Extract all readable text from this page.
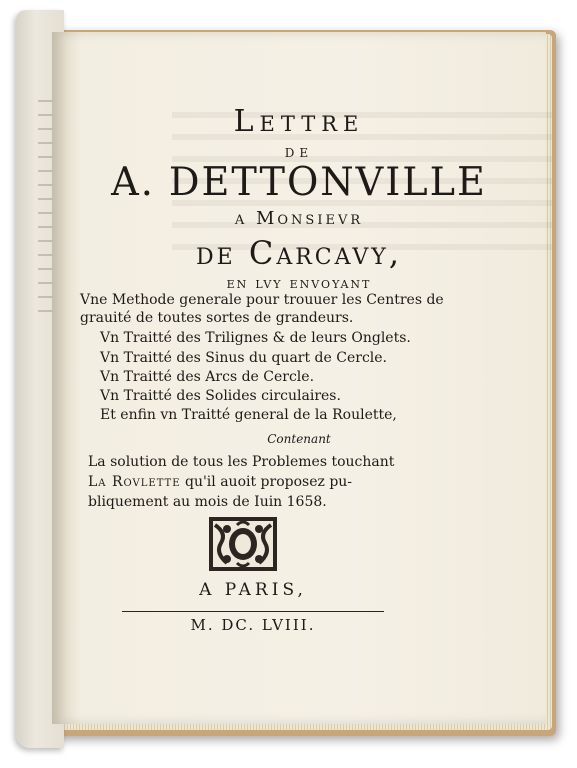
Lettre
de
A. DETTONVILLE
a Monsievr
de Carcavy,
en lvy envoyant
Vne Methode generale pour trouuer les Centres de
grauité de toutes sortes de grandeurs.
Vn Traitté des Trilignes & de leurs Onglets.
Vn Traitté des Sinus du quart de Cercle.
Vn Traitté des Arcs de Cercle.
Vn Traitté des Solides circulaires.
Et enfin vn Traitté general de la Roulette,
Contenant
La solution de tous les Problemes touchant
La Rovlette qu'il auoit proposez pu-
bliquement au mois de Iuin 1658.
A PARIS,
M. DC. LVIII.
